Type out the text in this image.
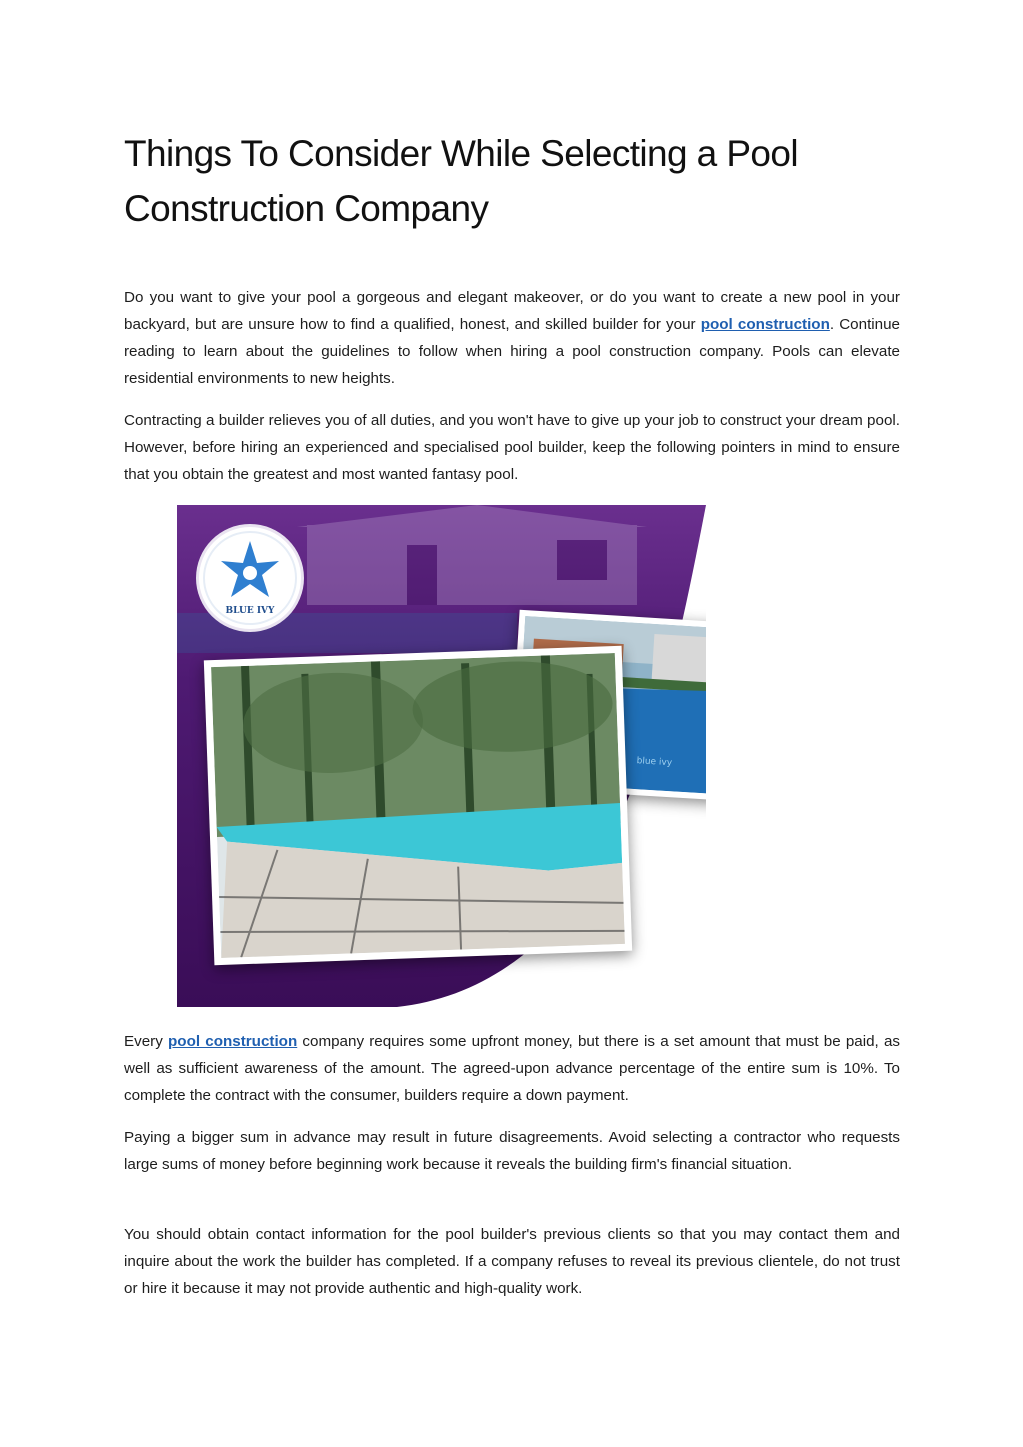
Things To Consider While Selecting a Pool Construction Company

Do you want to give your pool a gorgeous and elegant makeover, or do you want to create a new pool in your backyard, but are unsure how to find a qualified, honest, and skilled builder for your pool construction. Continue reading to learn about the guidelines to follow when hiring a pool construction company. Pools can elevate residential environments to new heights.

Contracting a builder relieves you of all duties, and you won't have to give up your job to construct your dream pool. However, before hiring an experienced and specialised pool builder, keep the following pointers in mind to ensure that you obtain the greatest and most wanted fantasy pool.

BLUE IVY
blue ivy

Every pool construction company requires some upfront money, but there is a set amount that must be paid, as well as sufficient awareness of the amount. The agreed-upon advance percentage of the entire sum is 10%. To complete the contract with the consumer, builders require a down payment.

Paying a bigger sum in advance may result in future disagreements. Avoid selecting a contractor who requests large sums of money before beginning work because it reveals the building firm's financial situation.

You should obtain contact information for the pool builder's previous clients so that you may contact them and inquire about the work the builder has completed. If a company refuses to reveal its previous clientele, do not trust or hire it because it may not provide authentic and high-quality work.
